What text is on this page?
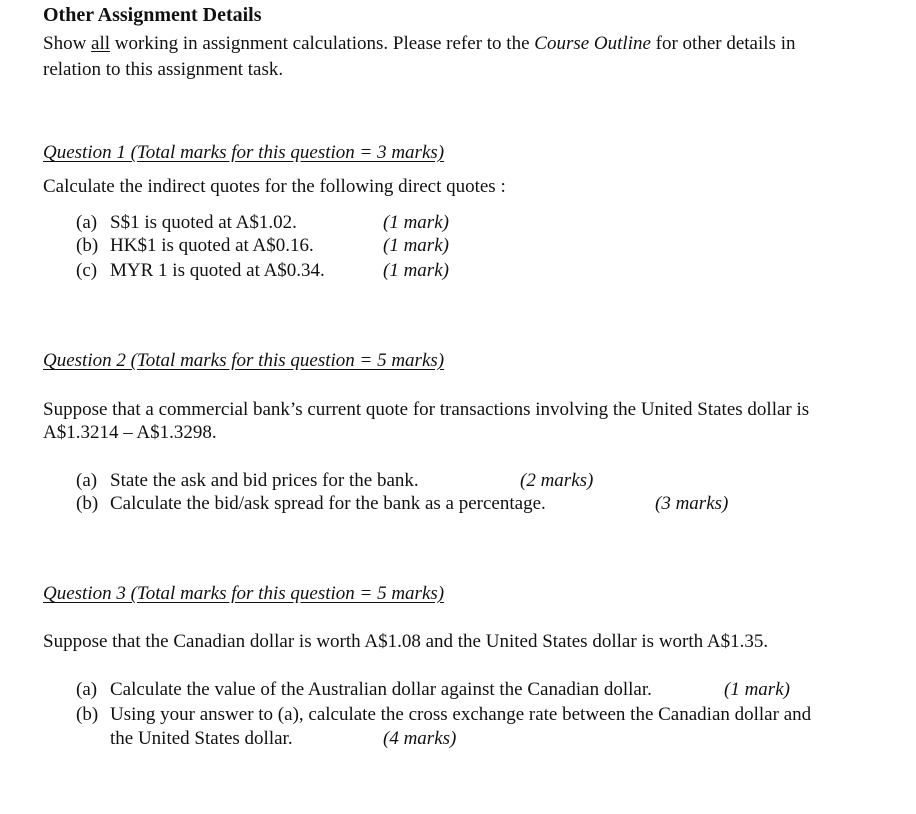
Other Assignment Details
Show all working in assignment calculations. Please refer to the Course Outline for other details in
relation to this assignment task.
Question 1 (Total marks for this question = 3 marks)
Calculate the indirect quotes for the following direct quotes :
(a) S$1 is quoted at A$1.02.	(1 mark)
(b) HK$1 is quoted at A$0.16.	(1 mark)
(c) MYR 1 is quoted at A$0.34.	(1 mark)
Question 2 (Total marks for this question = 5 marks)
Suppose that a commercial bank’s current quote for transactions involving the United States dollar is
A$1.3214 – A$1.3298.
(a) State the ask and bid prices for the bank.	(2 marks)
(b) Calculate the bid/ask spread for the bank as a percentage.	(3 marks)
Question 3 (Total marks for this question = 5 marks)
Suppose that the Canadian dollar is worth A$1.08 and the United States dollar is worth A$1.35.
(a) Calculate the value of the Australian dollar against the Canadian dollar.	(1 mark)
(b) Using your answer to (a), calculate the cross exchange rate between the Canadian dollar and
the United States dollar.	(4 marks)
